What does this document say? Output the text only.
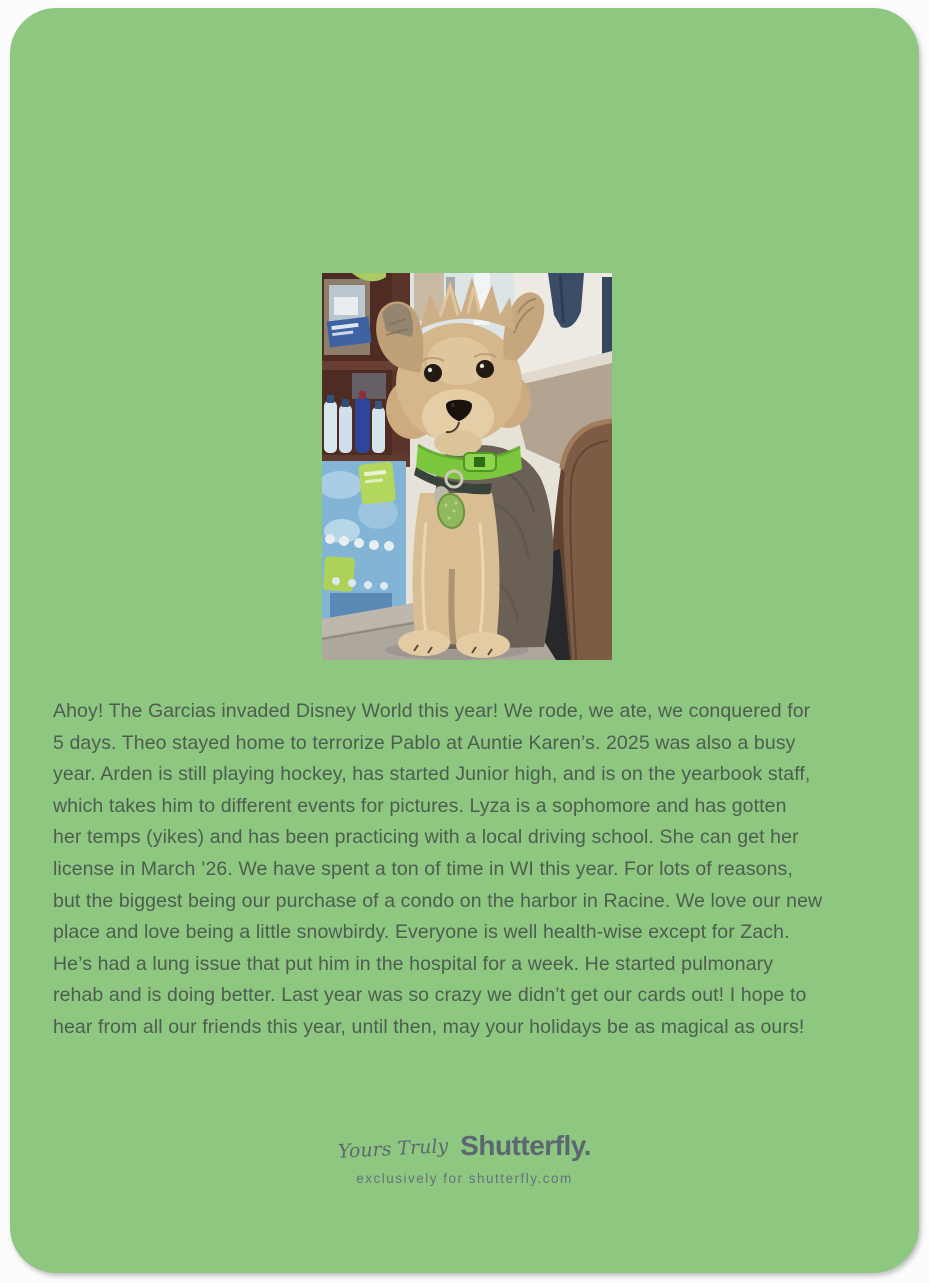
Ahoy! The Garcias invaded Disney World this year! We rode, we ate, we conquered for
5 days. Theo stayed home to terrorize Pablo at Auntie Karen’s. 2025 was also a busy
year. Arden is still playing hockey, has started Junior high, and is on the yearbook staff,
which takes him to different events for pictures. Lyza is a sophomore and has gotten
her temps (yikes) and has been practicing with a local driving school. She can get her
license in March ’26. We have spent a ton of time in WI this year. For lots of reasons,
but the biggest being our purchase of a condo on the harbor in Racine. We love our new
place and love being a little snowbirdy. Everyone is well health-wise except for Zach.
He’s had a lung issue that put him in the hospital for a week. He started pulmonary
rehab and is doing better. Last year was so crazy we didn’t get our cards out! I hope to
hear from all our friends this year, until then, may your holidays be as magical as ours!
Yours Truly Shutterfly.
exclusively for shutterfly.com
